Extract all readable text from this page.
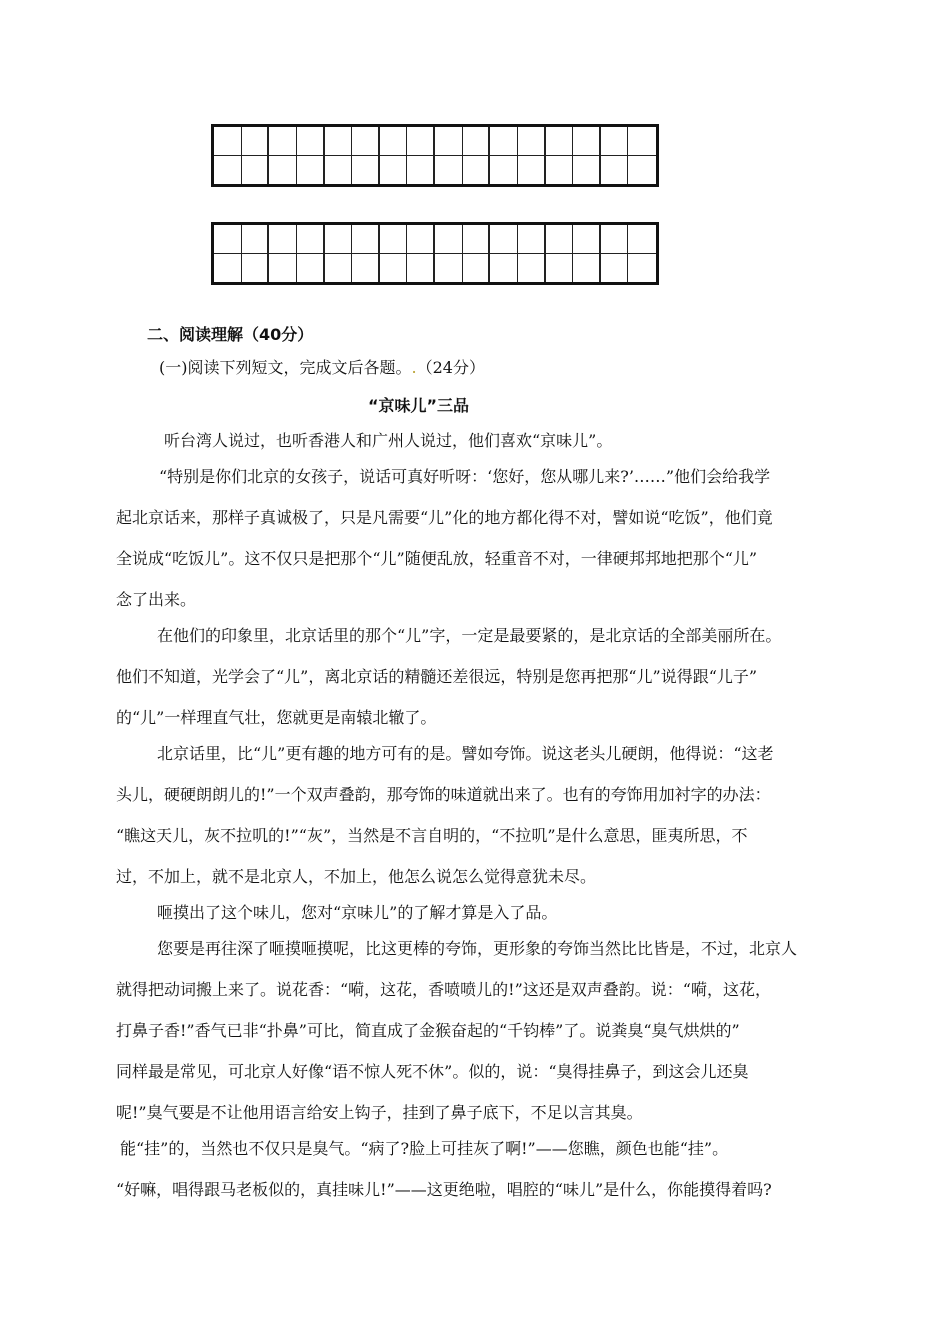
二、阅读理解（40分）
(一)阅读下列短文，完成文后各题。.（24分）
“京味儿”三品
听台湾人说过，也听香港人和广州人说过，他们喜欢“京味儿”。
“特别是你们北京的女孩子，说话可真好听呀：‘您好，您从哪儿来?’……”他们会给我学
起北京话来，那样子真诚极了，只是凡需要“儿”化的地方都化得不对，譬如说“吃饭”，他们竟
全说成“吃饭儿”。这不仅只是把那个“儿”随便乱放，轻重音不对，一律硬邦邦地把那个“儿”
念了出来。
在他们的印象里，北京话里的那个“儿”字，一定是最要紧的，是北京话的全部美丽所在。
他们不知道，光学会了“儿”，离北京话的精髓还差很远，特别是您再把那“儿”说得跟“儿子”
的“儿”一样理直气壮，您就更是南辕北辙了。
北京话里，比“儿”更有趣的地方可有的是。譬如夸饰。说这老头儿硬朗，他得说：“这老
头儿，硬硬朗朗儿的!”一个双声叠韵，那夸饰的味道就出来了。也有的夸饰用加衬字的办法：
“瞧这天儿，灰不拉叽的!”“灰”，当然是不言自明的，“不拉叽”是什么意思，匪夷所思，不
过，不加上，就不是北京人，不加上，他怎么说怎么觉得意犹未尽。
咂摸出了这个味儿，您对“京味儿”的了解才算是入了品。
您要是再往深了咂摸咂摸呢，比这更棒的夸饰，更形象的夸饰当然比比皆是，不过，北京人
就得把动词搬上来了。说花香：“嗬，这花，香喷喷儿的!”这还是双声叠韵。说：“嗬，这花，
打鼻子香!”香气已非“扑鼻”可比，简直成了金猴奋起的“千钧棒”了。说粪臭“臭气烘烘的”
同样最是常见，可北京人好像“语不惊人死不休”。似的，说：“臭得挂鼻子，到这会儿还臭
呢!”臭气要是不让他用语言给安上钩子，挂到了鼻子底下，不足以言其臭。
能“挂”的，当然也不仅只是臭气。“病了?脸上可挂灰了啊!”——您瞧，颜色也能“挂”。
“好嘛，唱得跟马老板似的，真挂味儿!”——这更绝啦，唱腔的“味儿”是什么，你能摸得着吗?
